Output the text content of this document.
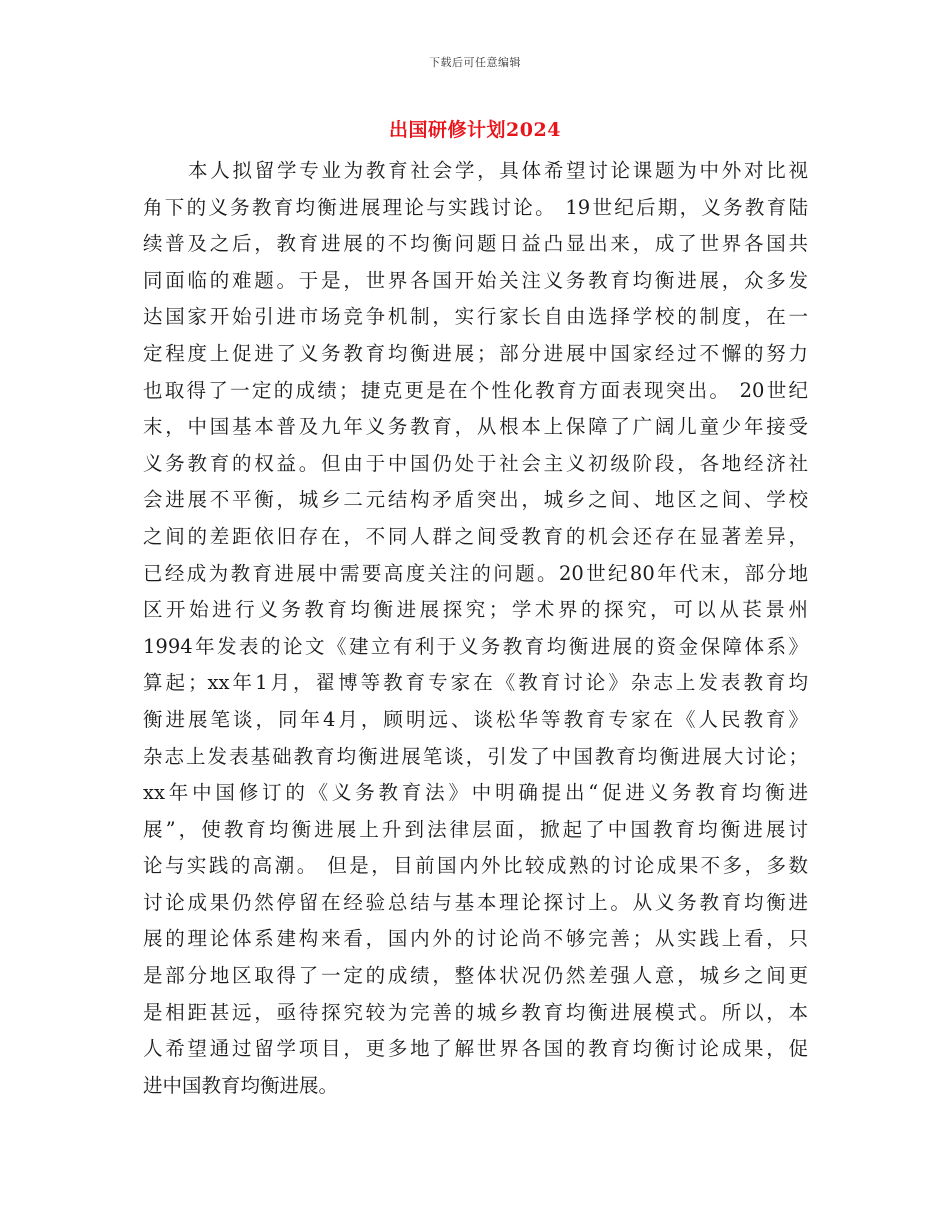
下载后可任意编辑
出国研修计划2024
本人拟留学专业为教育社会学，具体希望讨论课题为中外对比视
角下的义务教育均衡进展理论与实践讨论。 19世纪后期，义务教育陆
续普及之后，教育进展的不均衡问题日益凸显出来，成了世界各国共
同面临的难题。于是，世界各国开始关注义务教育均衡进展，众多发
达国家开始引进市场竞争机制，实行家长自由选择学校的制度，在一
定程度上促进了义务教育均衡进展；部分进展中国家经过不懈的努力
也取得了一定的成绩；捷克更是在个性化教育方面表现突出。 20世纪
末，中国基本普及九年义务教育，从根本上保障了广阔儿童少年接受
义务教育的权益。但由于中国仍处于社会主义初级阶段，各地经济社
会进展不平衡，城乡二元结构矛盾突出，城乡之间、地区之间、学校
之间的差距依旧存在，不同人群之间受教育的机会还存在显著差异，
已经成为教育进展中需要高度关注的问题。20世纪80年代末，部分地
区开始进行义务教育均衡进展探究；学术界的探究，可以从苌景州
1994年发表的论文《建立有利于义务教育均衡进展的资金保障体系》
算起；xx年1月，翟博等教育专家在《教育讨论》杂志上发表教育均
衡进展笔谈，同年4月，顾明远、谈松华等教育专家在《人民教育》
杂志上发表基础教育均衡进展笔谈，引发了中国教育均衡进展大讨论；
xx年中国修订的《义务教育法》中明确提出“促进义务教育均衡进
展”，使教育均衡进展上升到法律层面，掀起了中国教育均衡进展讨
论与实践的高潮。 但是，目前国内外比较成熟的讨论成果不多，多数
讨论成果仍然停留在经验总结与基本理论探讨上。从义务教育均衡进
展的理论体系建构来看，国内外的讨论尚不够完善；从实践上看，只
是部分地区取得了一定的成绩，整体状况仍然差强人意，城乡之间更
是相距甚远，亟待探究较为完善的城乡教育均衡进展模式。所以，本
人希望通过留学项目，更多地了解世界各国的教育均衡讨论成果，促
进中国教育均衡进展。
